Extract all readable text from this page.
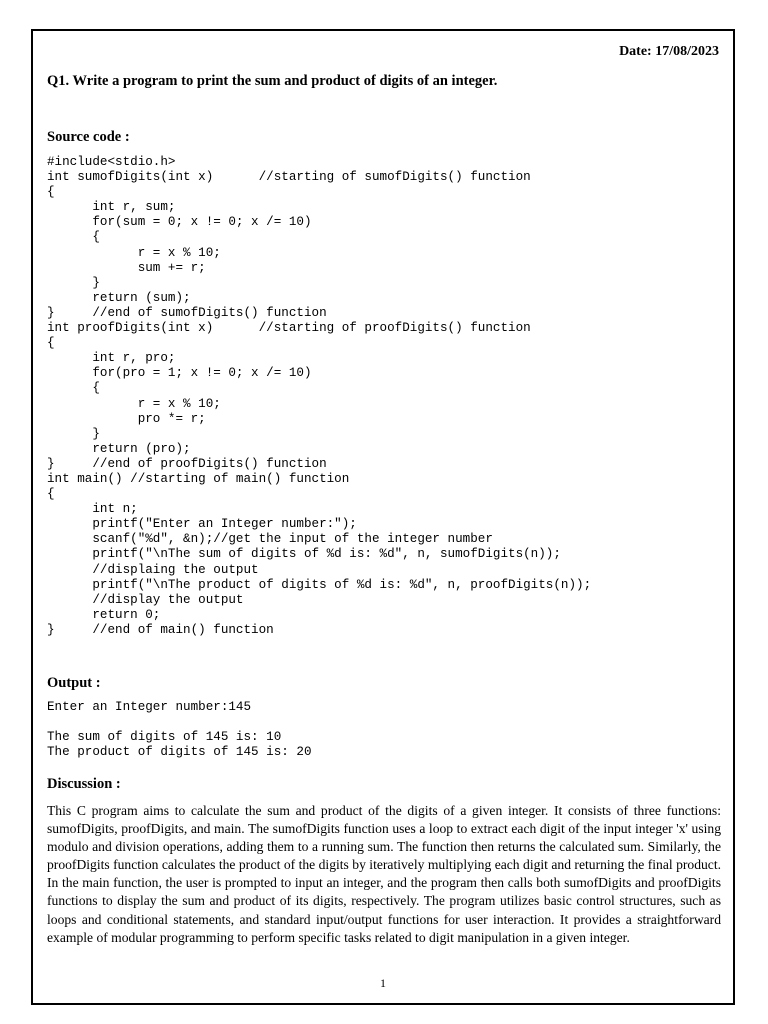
Date: 17/08/2023
Q1. Write a program to print the sum and product of digits of an integer.
Source code :
#include<stdio.h>
int sumofDigits(int x)      //starting of sumofDigits() function
{
int r, sum;
for(sum = 0; x != 0; x /= 10)
{
r = x % 10;
sum += r;
}
return (sum);
}     //end of sumofDigits() function
int proofDigits(int x)      //starting of proofDigits() function
{
int r, pro;
for(pro = 1; x != 0; x /= 10)
{
r = x % 10;
pro *= r;
}
return (pro);
}     //end of proofDigits() function
int main() //starting of main() function
{
int n;
printf("Enter an Integer number:");
scanf("%d", &n);//get the input of the integer number
printf("\nThe sum of digits of %d is: %d", n, sumofDigits(n));
//displaing the output
printf("\nThe product of digits of %d is: %d", n, proofDigits(n));
//display the output
return 0;
}     //end of main() function
Output :
Enter an Integer number:145

The sum of digits of 145 is: 10
The product of digits of 145 is: 20
Discussion :

This C program aims to calculate the sum and product of the digits of a given integer. It consists of three functions: sumofDigits, proofDigits, and main. The sumofDigits function uses a loop to extract each digit of the input integer 'x' using modulo and division operations, adding them to a running sum. The function then returns the calculated sum. Similarly, the proofDigits function calculates the product of the digits by iteratively multiplying each digit and returning the final product. In the main function, the user is prompted to input an integer, and the program then calls both sumofDigits and proofDigits functions to display the sum and product of its digits, respectively. The program utilizes basic control structures, such as loops and conditional statements, and standard input/output functions for user interaction. It provides a straightforward example of modular programming to perform specific tasks related to digit manipulation in a given integer.

1
